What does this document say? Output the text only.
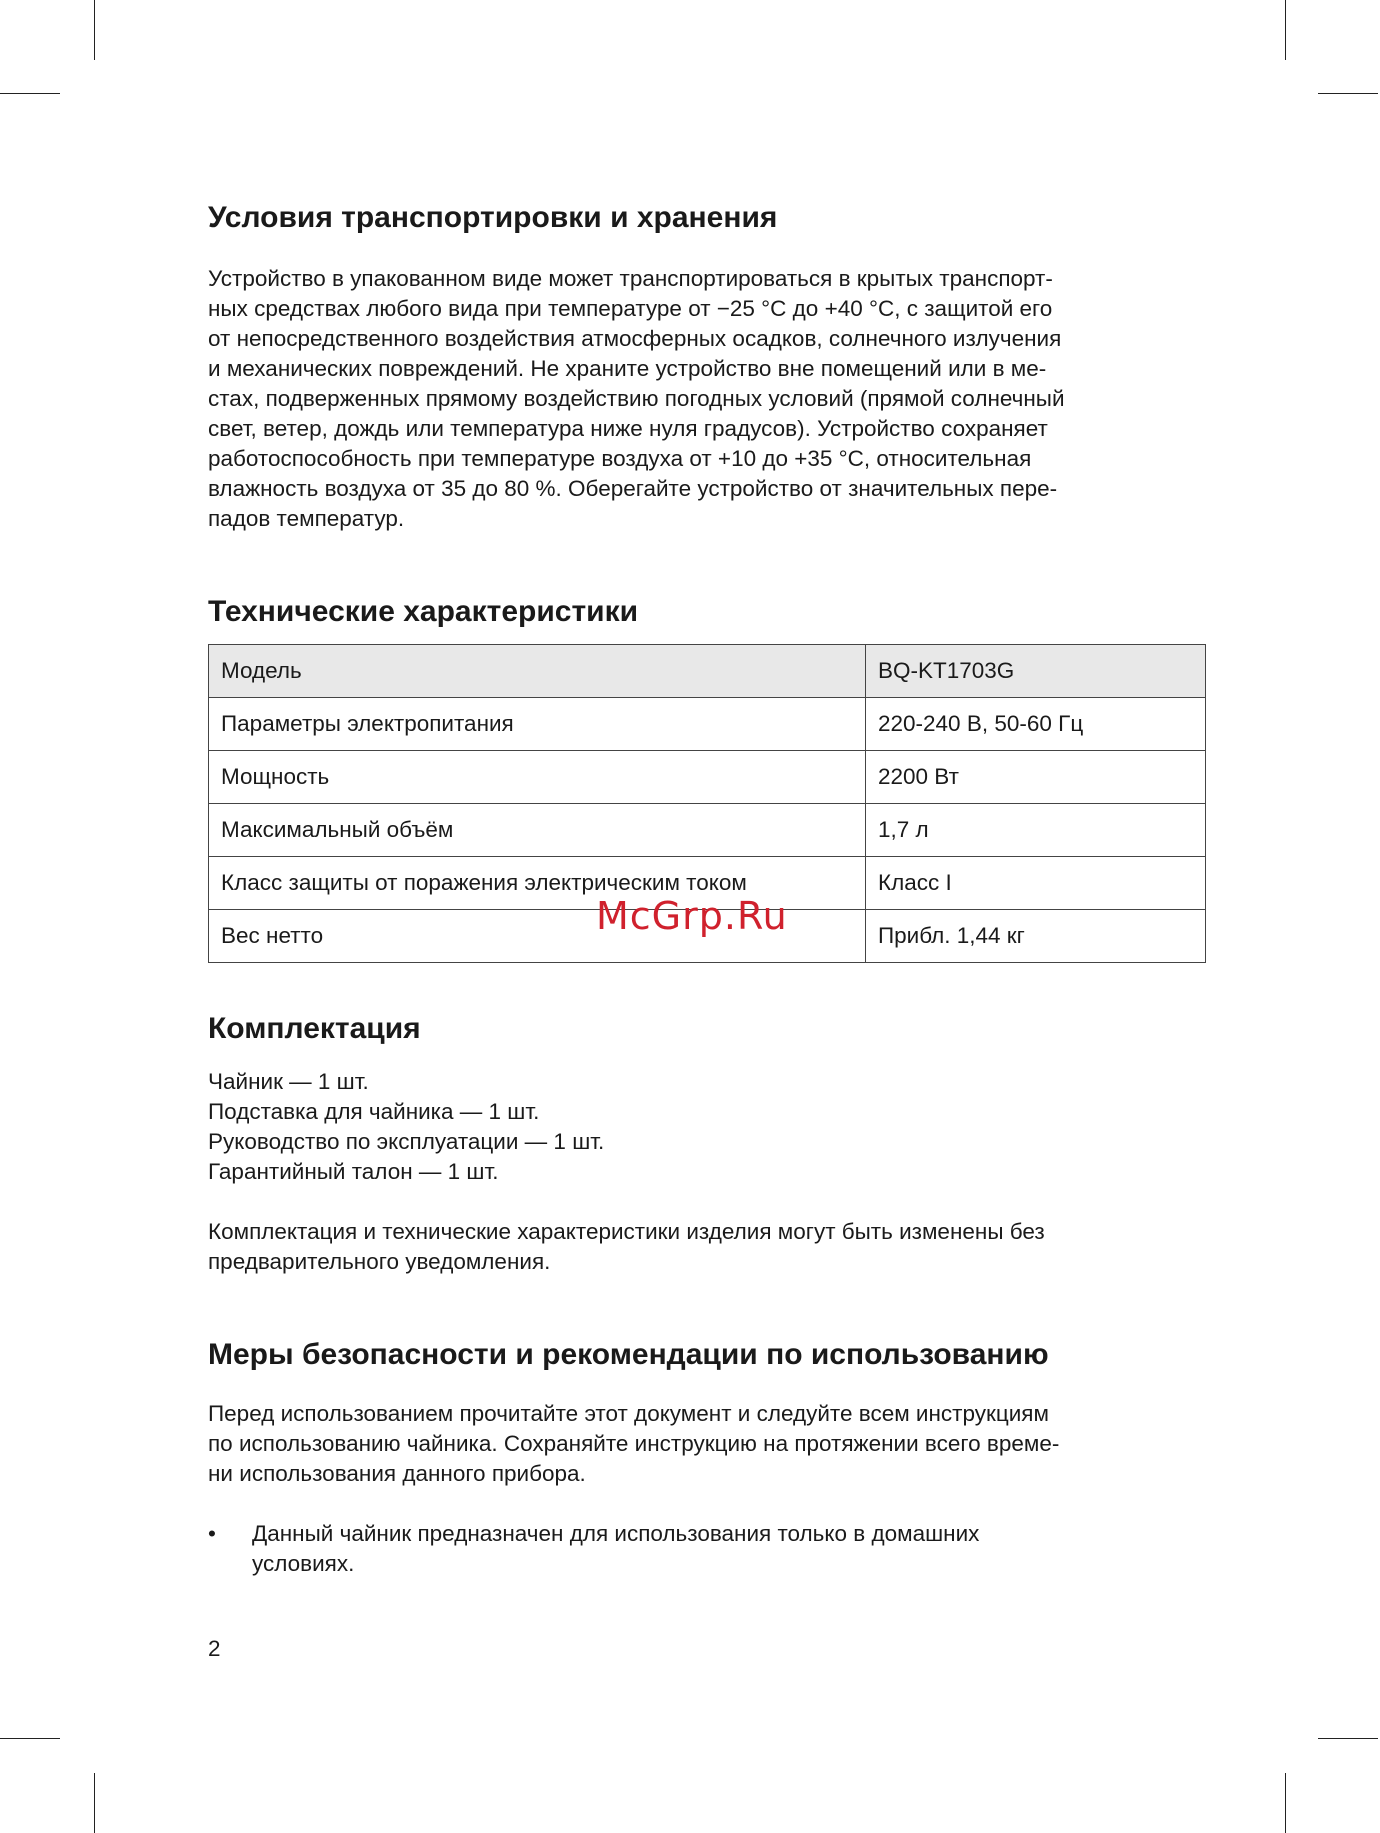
Условия транспортировки и хранения

Устройство в упакованном виде может транспортироваться в крытых транспорт-

ных средствах любого вида при температуре от −25 °C до +40 °C, с защитой его

от непосредственного воздействия атмосферных осадков, солнечного излучения

и механических повреждений. Не храните устройство вне помещений или в ме-

стах, подверженных прямому воздействию погодных условий (прямой солнечный

свет, ветер, дождь или температура ниже нуля градусов). Устройство сохраняет

работоспособность при температуре воздуха от +10 до +35 °C, относительная

влажность воздуха от 35 до 80 %. Оберегайте устройство от значительных пере-

падов температур.

Технические характеристики
Модель	BQ-KT1703G
Параметры электропитания	220-240 В, 50-60 Гц
Мощность	2200 Вт
Максимальный объём	1,7 л
Класс защиты от поражения электрическим током	Класс I
Вес нетто	Прибл. 1,44 кг
Комплектация

Чайник — 1 шт.

Подставка для чайника — 1 шт.

Руководство по эксплуатации — 1 шт.

Гарантийный талон — 1 шт.

Комплектация и технические характеристики изделия могут быть изменены без

предварительного уведомления.

Меры безопасности и рекомендации по использованию

Перед использованием прочитайте этот документ и следуйте всем инструкциям

по использованию чайника. Сохраняйте инструкцию на протяжении всего време-

ни использования данного прибора.

•	Данный чайник предназначен для использования только в домашних

условиях.

McGrp.Ru
2
